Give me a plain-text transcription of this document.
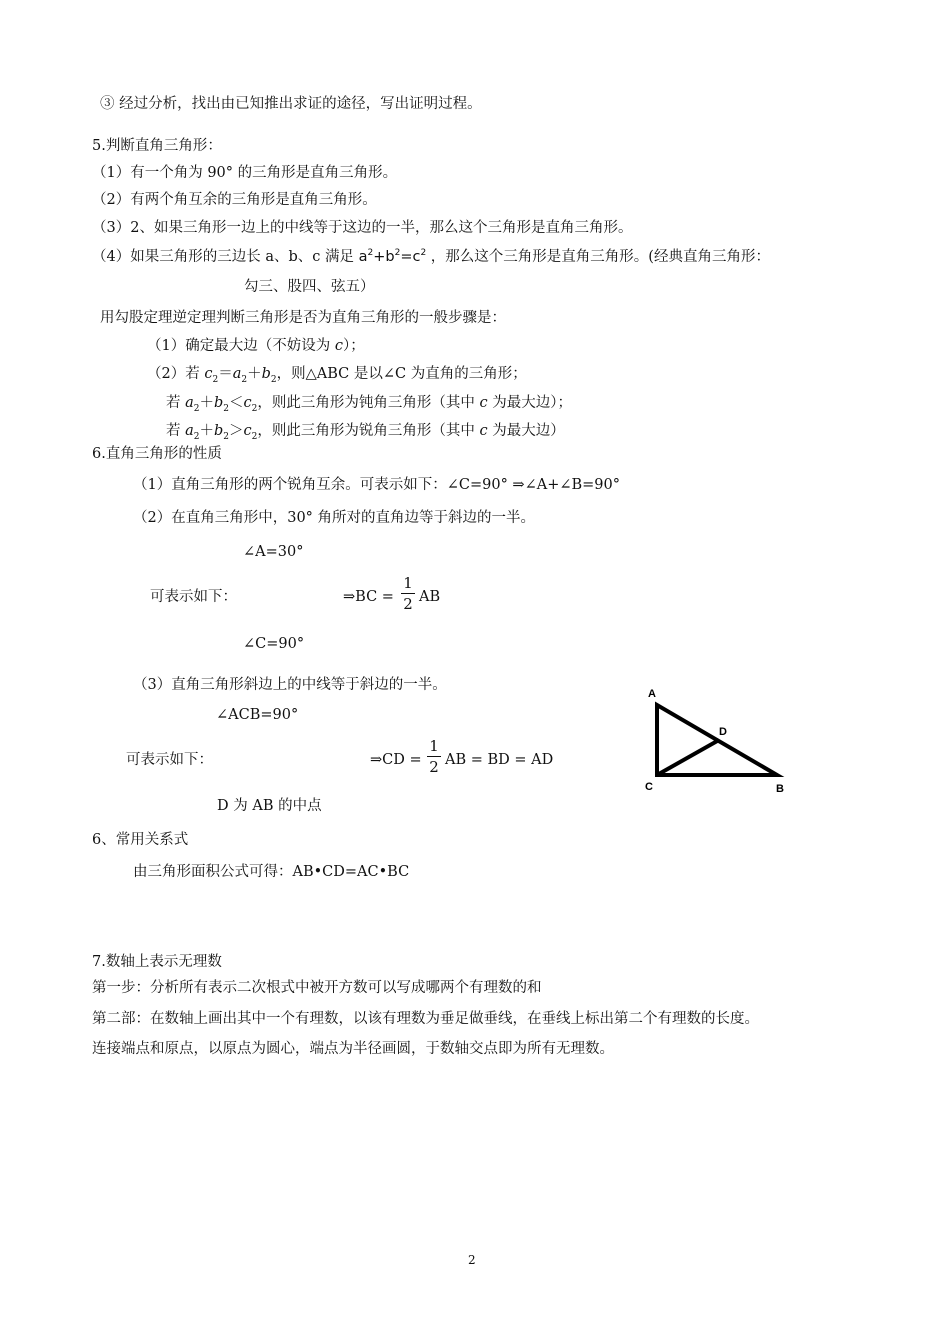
③ 经过分析，找出由已知推出求证的途径，写出证明过程。
5.判断直角三角形：
（1）有一个角为 90° 的三角形是直角三角形。
（2）有两个角互余的三角形是直角三角形。
（3）2、如果三角形一边上的中线等于这边的一半，那么这个三角形是直角三角形。
（4）如果三角形的三边长 a、b、c 满足 $a^2+b^2=c^2$ ，那么这个三角形是直角三角形。(经典直角三角形：
勾三、股四、弦五）
用勾股定理逆定理判断三角形是否为直角三角形的一般步骤是：
（1）确定最大边（不妨设为 c）；
（2）若 $c_2=a_2+b_2$，则△ABC 是以∠C 为直角的三角形；
若 $a_2+b_2<c_2$，则此三角形为钝角三角形（其中 c 为最大边）；
若 $a_2+b_2>c_2$，则此三角形为锐角三角形（其中 c 为最大边）
6.直角三角形的性质
（1）直角三角形的两个锐角互余。可表示如下：∠C=90° ⇒∠A+∠B=90°
（2）在直角三角形中，30° 角所对的直角边等于斜边的一半。
∠A=30°
可表示如下：	⇒BC =
1
2 AB
∠C=90°
（3）直角三角形斜边上的中线等于斜边的一半。
∠ACB=90°
可表示如下：	⇒CD =
1
2 AB = BD = AD
D 为 AB 的中点
A
D
C	B
6、常用关系式
由三角形面积公式可得：AB•CD=AC•BC
7.数轴上表示无理数
第一步：分析所有表示二次根式中被开方数可以写成哪两个有理数的和
第二部：在数轴上画出其中一个有理数，以该有理数为垂足做垂线，在垂线上标出第二个有理数的长度。
连接端点和原点，以原点为圆心，端点为半径画圆，于数轴交点即为所有无理数。
2
